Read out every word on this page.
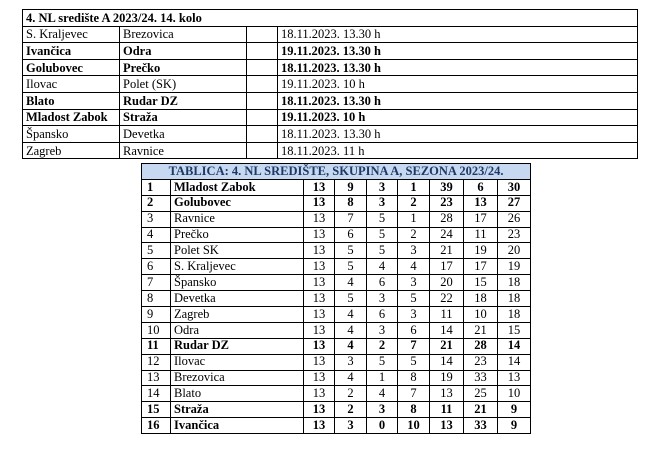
4. NL središte A 2023/24. 14. kolo			
S. Kraljevec	Brezovica		18.11.2023. 13.30 h
Ivančica	Odra		19.11.2023. 13.30 h
Golubovec	Prečko		18.11.2023. 13.30 h
Ilovac	Polet (SK)		19.11.2023. 10 h
Blato	Rudar DZ		18.11.2023. 13.30 h
Mladost Zabok	Straža		19.11.2023. 10 h
Špansko	Devetka		18.11.2023. 13.30 h
Zagreb	Ravnice		18.11.2023. 11 h
TABLICA: 4. NL SREDIŠTE, SKUPINA A, SEZONA 2023/24.								
1	Mladost Zabok	13	9	3	1	39	6	30
2	Golubovec	13	8	3	2	23	13	27
3	Ravnice	13	7	5	1	28	17	26
4	Prečko	13	6	5	2	24	11	23
5	Polet SK	13	5	5	3	21	19	20
6	S. Kraljevec	13	5	4	4	17	17	19
7	Špansko	13	4	6	3	20	15	18
8	Devetka	13	5	3	5	22	18	18
9	Zagreb	13	4	6	3	11	10	18
10	Odra	13	4	3	6	14	21	15
11	Rudar DZ	13	4	2	7	21	28	14
12	Ilovac	13	3	5	5	14	23	14
13	Brezovica	13	4	1	8	19	33	13
14	Blato	13	2	4	7	13	25	10
15	Straža	13	2	3	8	11	21	9
16	Ivančica	13	3	0	10	13	33	9
